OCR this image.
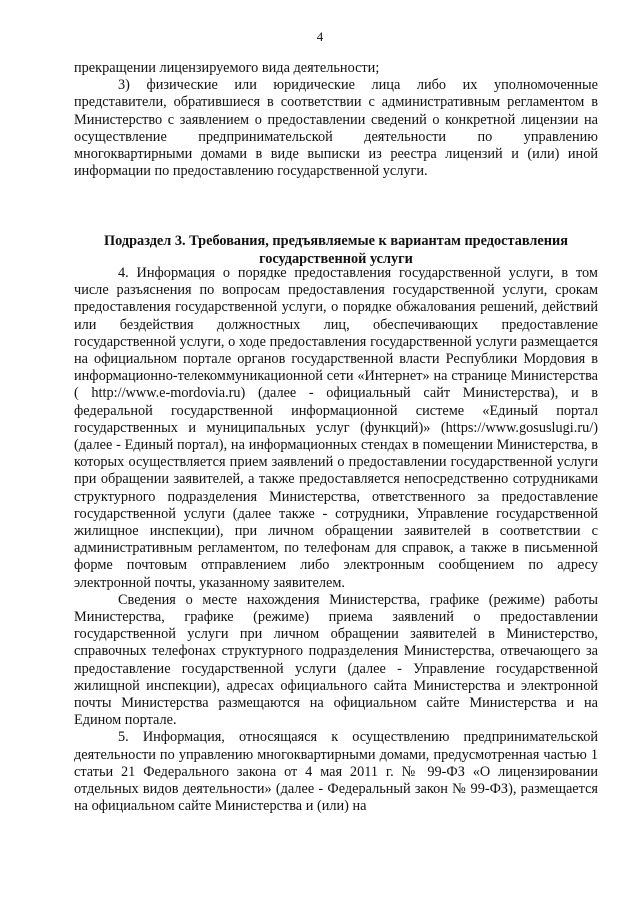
4

прекращении лицензируемого вида деятельности;

3) физические или юридические лица либо их уполномоченные представители, обратившиеся в соответствии с административным регламентом в Министерство с заявлением о предоставлении сведений о конкретной лицензии на осуществление предпринимательской деятельности по управлению многоквартирными домами в виде выписки из реестра лицензий и (или) иной информации по предоставлению государственной услуги.

Подраздел 3. Требования, предъявляемые к вариантам предоставления государственной услуги

4. Информация о порядке предоставления государственной услуги, в том числе разъяснения по вопросам предоставления государственной услуги, срокам предоставления государственной услуги, о порядке обжалования решений, действий или бездействия должностных лиц, обеспечивающих предоставление государственной услуги, о ходе предоставления государственной услуги размещается на официальном портале органов государственной власти Республики Мордовия в информационно-телекоммуникационной сети «Интернет» на странице Министерства ( http://www.e-mordovia.ru) (далее - официальный сайт Министерства), и в федеральной государственной информационной системе «Единый портал государственных и муниципальных услуг (функций)» (https://www.gosuslugi.ru/) (далее - Единый портал), на информационных стендах в помещении Министерства, в которых осуществляется прием заявлений о предоставлении государственной услуги при обращении заявителей, а также предоставляется непосредственно сотрудниками структурного подразделения Министерства, ответственного за предоставление государственной услуги (далее также - сотрудники, Управление государственной жилищное инспекции), при личном обращении заявителей в соответствии с административным регламентом, по телефонам для справок, а также в письменной форме почтовым отправлением либо электронным сообщением по адресу электронной почты, указанному заявителем.

Сведения о месте нахождения Министерства, графике (режиме) работы Министерства, графике (режиме) приема заявлений о предоставлении государственной услуги при личном обращении заявителей в Министерство, справочных телефонах структурного подразделения Министерства, отвечающего за предоставление государственной услуги (далее - Управление государственной жилищной инспекции), адресах официального сайта Министерства и электронной почты Министерства размещаются на официальном сайте Министерства и на Едином портале.

5. Информация, относящаяся к осуществлению предпринимательской деятельности по управлению многоквартирными домами, предусмотренная частью 1 статьи 21 Федерального закона от 4 мая 2011 г. № 99-ФЗ «О лицензировании отдельных видов деятельности» (далее - Федеральный закон № 99-ФЗ), размещается на официальном сайте Министерства и (или) на
